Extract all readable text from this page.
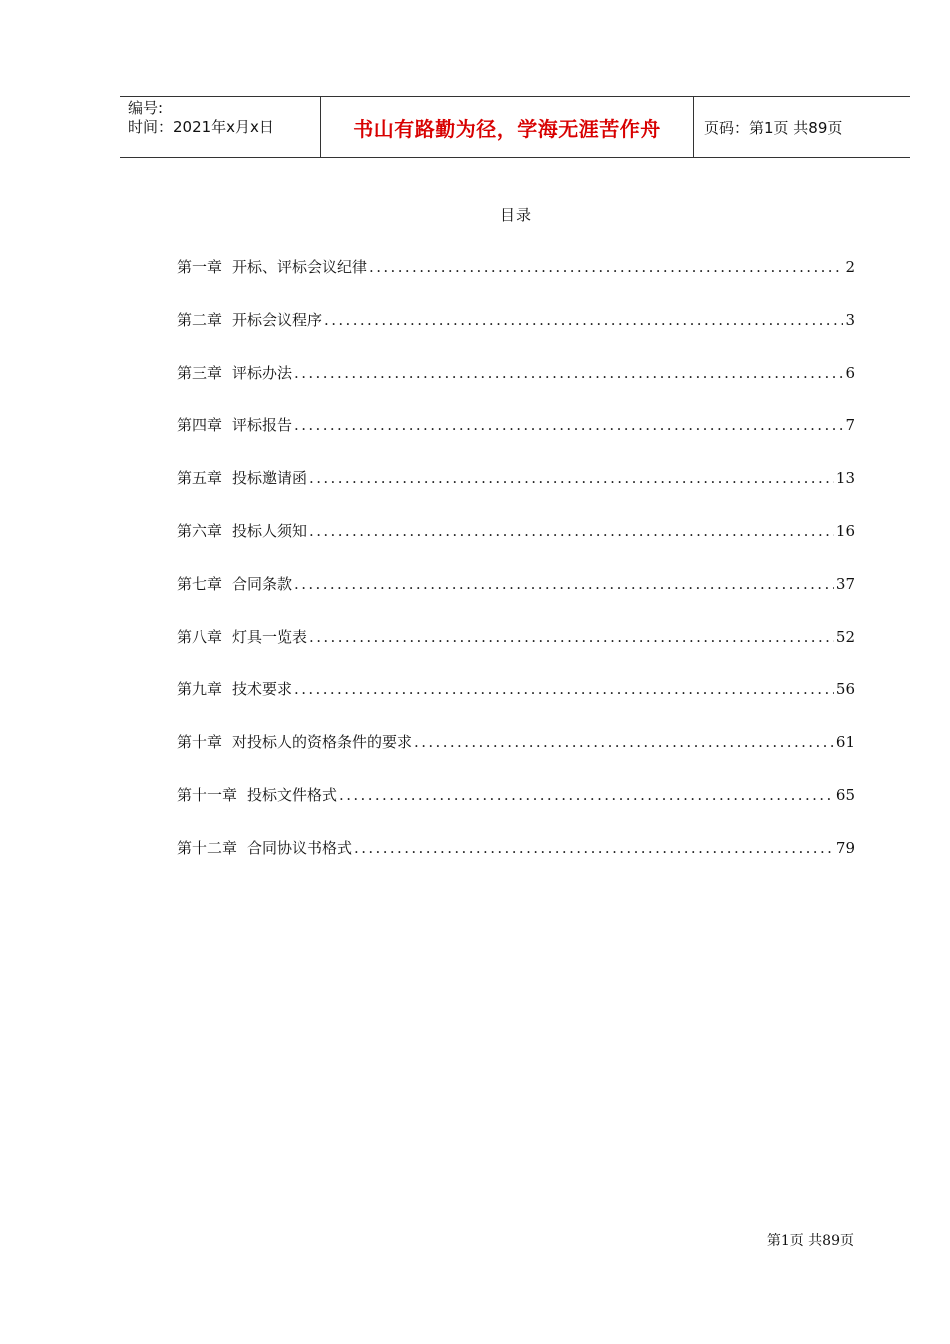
编号:
时间：2021年x月x日	书山有路勤为径，学海无涯苦作舟	页码：第1页 共89页
目录
第一章 开标、评标会议纪律 .....	2
第二章 开标会议程序 .....	3
第三章 评标办法 .....	6
第四章 评标报告 .....	7
第五章 投标邀请函 .....	13
第六章 投标人须知 .....	16
第七章 合同条款 .....	37
第八章 灯具一览表 .....	52
第九章 技术要求 .....	56
第十章 对投标人的资格条件的要求 .....	61
第十一章 投标文件格式 .....	65
第十二章 合同协议书格式 .....	79
第1页 共89页
